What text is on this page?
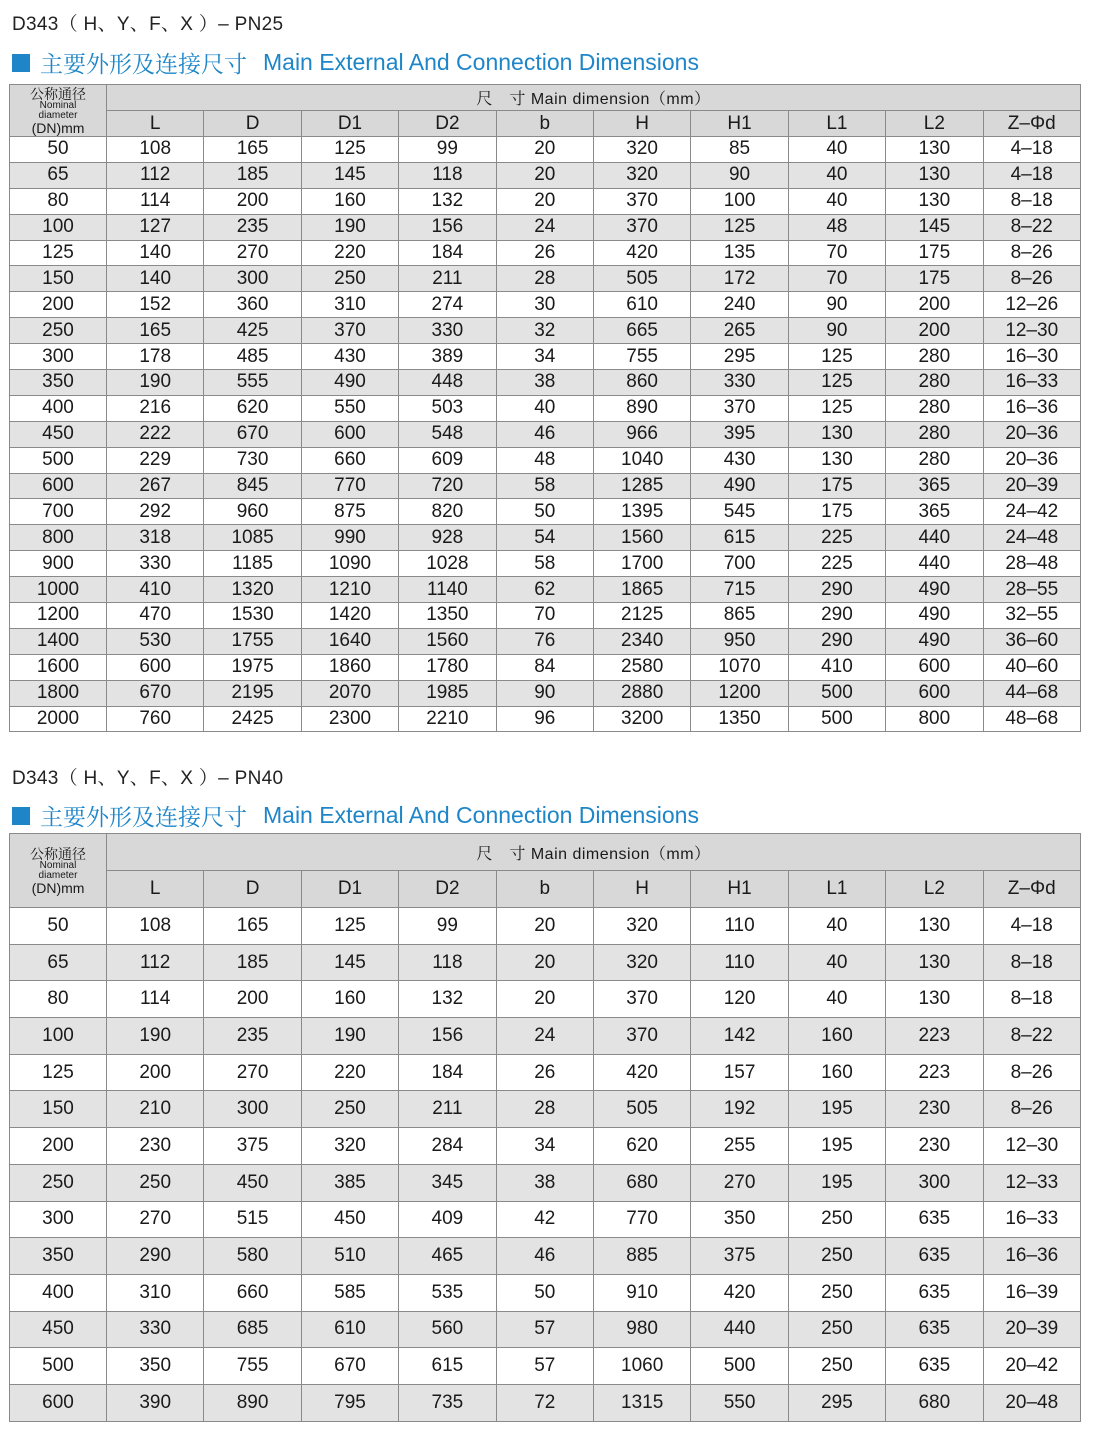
D343（ H、Y、F、X ）– PN25
主要外形及连接尺寸 Main External And Connection Dimensions
公称通径
Nominal
diameter
(DN)mm	尺　寸 Main dimension（mm）									
	L	D	D1	D2	b	H	H1	L1	L2	Z–Φd
50	108	165	125	99	20	320	85	40	130	4–18
65	112	185	145	118	20	320	90	40	130	4–18
80	114	200	160	132	20	370	100	40	130	8–18
100	127	235	190	156	24	370	125	48	145	8–22
125	140	270	220	184	26	420	135	70	175	8–26
150	140	300	250	211	28	505	172	70	175	8–26
200	152	360	310	274	30	610	240	90	200	12–26
250	165	425	370	330	32	665	265	90	200	12–30
300	178	485	430	389	34	755	295	125	280	16–30
350	190	555	490	448	38	860	330	125	280	16–33
400	216	620	550	503	40	890	370	125	280	16–36
450	222	670	600	548	46	966	395	130	280	20–36
500	229	730	660	609	48	1040	430	130	280	20–36
600	267	845	770	720	58	1285	490	175	365	20–39
700	292	960	875	820	50	1395	545	175	365	24–42
800	318	1085	990	928	54	1560	615	225	440	24–48
900	330	1185	1090	1028	58	1700	700	225	440	28–48
1000	410	1320	1210	1140	62	1865	715	290	490	28–55
1200	470	1530	1420	1350	70	2125	865	290	490	32–55
1400	530	1755	1640	1560	76	2340	950	290	490	36–60
1600	600	1975	1860	1780	84	2580	1070	410	600	40–60
1800	670	2195	2070	1985	90	2880	1200	500	600	44–68
2000	760	2425	2300	2210	96	3200	1350	500	800	48–68
D343（ H、Y、F、X ）– PN40
主要外形及连接尺寸 Main External And Connection Dimensions
公称通径
Nominal
diameter
(DN)mm	尺　寸 Main dimension（mm）									
	L	D	D1	D2	b	H	H1	L1	L2	Z–Φd
50	108	165	125	99	20	320	110	40	130	4–18
65	112	185	145	118	20	320	110	40	130	8–18
80	114	200	160	132	20	370	120	40	130	8–18
100	190	235	190	156	24	370	142	160	223	8–22
125	200	270	220	184	26	420	157	160	223	8–26
150	210	300	250	211	28	505	192	195	230	8–26
200	230	375	320	284	34	620	255	195	230	12–30
250	250	450	385	345	38	680	270	195	300	12–33
300	270	515	450	409	42	770	350	250	635	16–33
350	290	580	510	465	46	885	375	250	635	16–36
400	310	660	585	535	50	910	420	250	635	16–39
450	330	685	610	560	57	980	440	250	635	20–39
500	350	755	670	615	57	1060	500	250	635	20–42
600	390	890	795	735	72	1315	550	295	680	20–48
